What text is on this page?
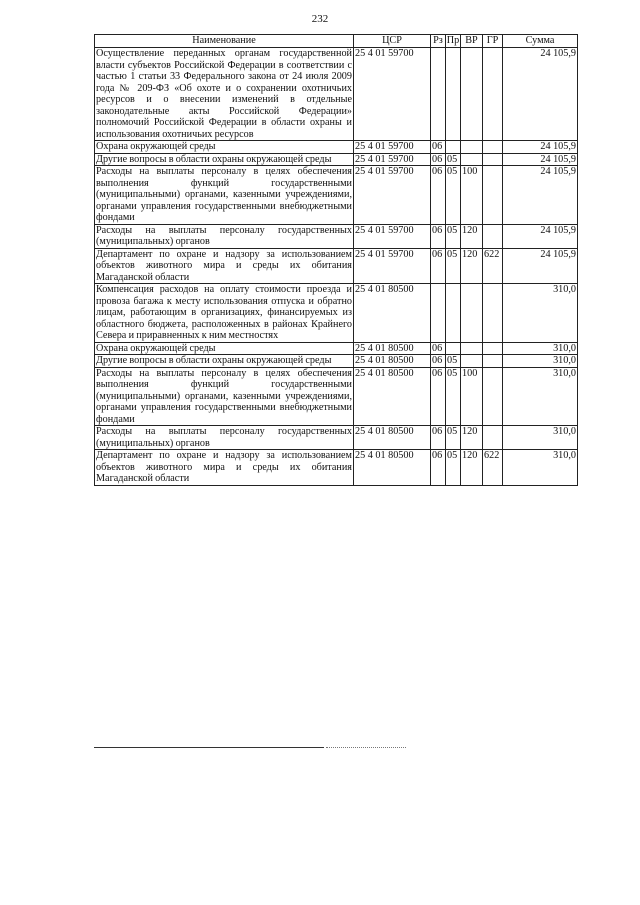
232
Наименование	ЦСР	Рз	Пр	ВР	ГР	Сумма
Осуществление переданных органам государственной власти субъектов Российской Федерации в соответствии с частью 1 статьи 33 Федерального закона от 24 июля 2009 года № 209-ФЗ «Об охоте и о сохранении охотничьих ресурсов и о внесении изменений в отдельные законодательные акты Российской Федерации» полномочий Российской Федерации в области охраны и использования охотничьих ресурсов	25 4 01 59700					24 105,9
Охрана окружающей среды	25 4 01 59700	06				24 105,9
Другие вопросы в области охраны окружающей среды	25 4 01 59700	06	05			24 105,9
Расходы на выплаты персоналу в целях обеспечения выполнения функций государственными (муниципальными) органами, казенными учреждениями, органами управления государственными внебюджетными фондами	25 4 01 59700	06	05	100		24 105,9
Расходы на выплаты персоналу государственных (муниципальных) органов	25 4 01 59700	06	05	120		24 105,9
Департамент по охране и надзору за использованием объектов животного мира и среды их обитания Магаданской области	25 4 01 59700	06	05	120	622	24 105,9
Компенсация расходов на оплату стоимости проезда и провоза багажа к месту использования отпуска и обратно лицам, работающим в организациях, финансируемых из областного бюджета, расположенных в районах Крайнего Севера и приравненных к ним местностях	25 4 01 80500					310,0
Охрана окружающей среды	25 4 01 80500	06				310,0
Другие вопросы в области охраны окружающей среды	25 4 01 80500	06	05			310,0
Расходы на выплаты персоналу в целях обеспечения выполнения функций государственными (муниципальными) органами, казенными учреждениями, органами управления государственными внебюджетными фондами	25 4 01 80500	06	05	100		310,0
Расходы на выплаты персоналу государственных (муниципальных) органов	25 4 01 80500	06	05	120		310,0
Департамент по охране и надзору за использованием объектов животного мира и среды их обитания Магаданской области	25 4 01 80500	06	05	120	622	310,0
